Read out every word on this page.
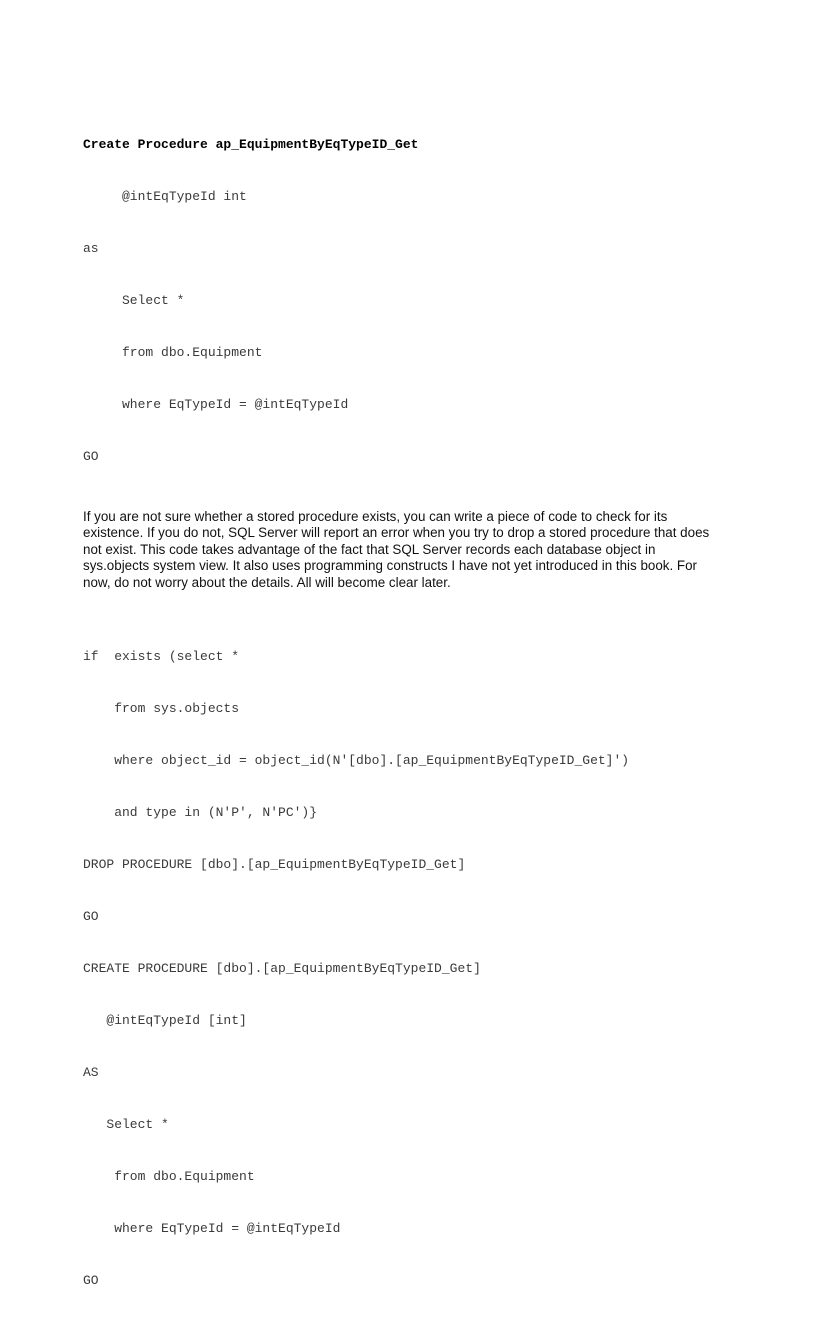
Create Procedure ap_EquipmentByEqTypeID_Get

@intEqTypeId int

as

Select *

from dbo.Equipment

where EqTypeId = @intEqTypeId

GO

If you are not sure whether a stored procedure exists, you can write a piece of code to check for its existence. If you do not, SQL Server will report an error when you try to drop a stored procedure that does not exist. This code takes advantage of the fact that SQL Server records each database object in sys.objects system view. It also uses programming constructs I have not yet introduced in this book. For now, do not worry about the details. All will become clear later.

if  exists (select *

from sys.objects

where object_id = object_id(N'[dbo].[ap_EquipmentByEqTypeID_Get]')

and type in (N'P', N'PC')}

DROP PROCEDURE [dbo].[ap_EquipmentByEqTypeID_Get]

GO

CREATE PROCEDURE [dbo].[ap_EquipmentByEqTypeID_Get]

@intEqTypeId [int]

AS

Select *

from dbo.Equipment

where EqTypeId = @intEqTypeId

GO
